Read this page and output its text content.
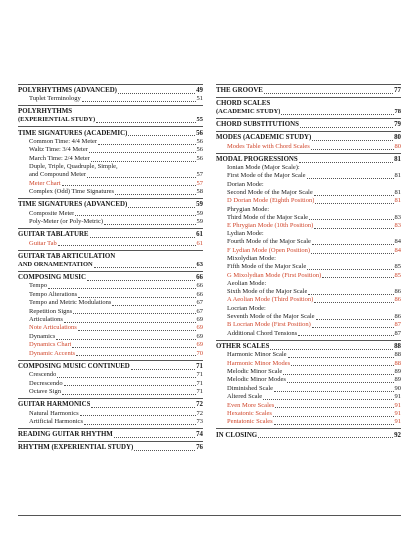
POLYRHYTHMS (ADVANCED)	49
Tuplet Terminology	51
POLYRHYTHMS
(EXPERIENTIAL STUDY)	55
TIME SIGNATURES (ACADEMIC)	56
Common Time: 4/4 Meter	56
Waltz Time: 3/4 Meter	56
March Time: 2/4 Meter	56
Duple, Triple, Quadruple, Simple,
and Compound Meter	57
Meter Chart	57
Complex (Odd) Time Signatures	58
TIME SIGNATURES (ADVANCED)	59
Composite Meter	59
Poly-Meter (or Poly-Metric)	59
GUITAR TABLATURE	61
Guitar Tab	61
GUITAR TAB ARTICULATION
AND ORNAMENTATION	63
COMPOSING MUSIC	66
Tempo	66
Tempo Alterations	66
Tempo and Metric Modulations	67
Repetition Signs	67
Articulations	69
Note Articulations	69
Dynamics	69
Dynamics Chart	69
Dynamic Accents	70
COMPOSING MUSIC CONTINUED	71
Crescendo	71
Decrescendo	71
Octave Sign	71
GUITAR HARMONICS	72
Natural Harmonics	72
Artificial Harmonics	73
READING GUITAR RHYTHM	74
RHYTHM (EXPERIENTIAL STUDY)	76
THE GROOVE	77
CHORD SCALES
(ACADEMIC STUDY)	78
CHORD SUBSTITUTIONS	79
MODES (ACADEMIC STUDY)	80
Modes Table with Chord Scales	80
MODAL PROGRESSIONS	81
Ionian Mode (Major Scale):
First Mode of the Major Scale	81
Dorian Mode:
Second Mode of the Major Scale	81
D Dorian Mode (Eighth Position)	81
Phrygian Mode:
Third Mode of the Major Scale	83
E Phrygian Mode (10th Position)	83
Lydian Mode:
Fourth Mode of the Major Scale	84
F Lydian Mode (Open Position)	84
Mixolydian Mode:
Fifth Mode of the Major Scale	85
G Mixolydian Mode (First Position)	85
Aeolian Mode:
Sixth Mode of the Major Scale	86
A Aeolian Mode (Third Position)	86
Locrian Mode:
Seventh Mode of the Major Scale	86
B Locrian Mode (First Position)	87
Additional Chord Tensions	87
OTHER SCALES	88
Harmonic Minor Scale	88
Harmonic Minor Modes	88
Melodic Minor Scale	89
Melodic Minor Modes	89
Diminished Scale	90
Altered Scale	91
Even More Scales	91
Hexatonic Scales	91
Pentatonic Scales	91
IN CLOSING	92
